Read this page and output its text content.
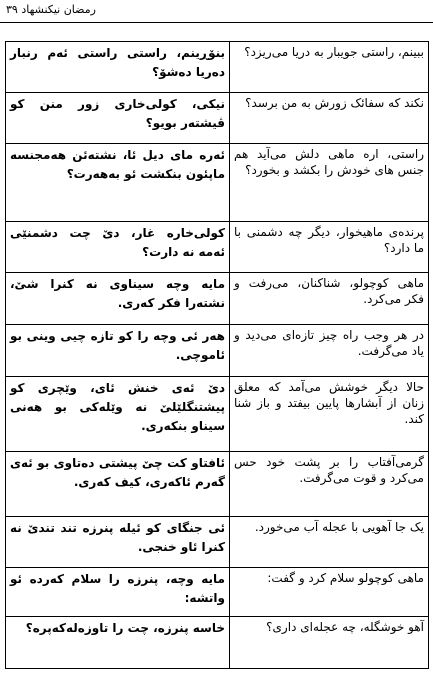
رمضان نیکنشهاد ٣٩
بنۆڕینم، راستی راستی ئەم رنبار دەریا دەشۆ؟	ببینم، راستی جویبار به دریا می‌ریزد؟
نیکی، کولی‌خاری زور منن کو ڤیشتەر بویو؟	نکند که سفائک زورش به من برسد؟
ئەرە مای دیل ئا، نشتەئن هەمجنسە ماپئون بنکشت ئو بەهەرت؟	راستی، اره ماهی دلش می‌آید هم جنس های خودش را بکشد و بخورد؟
کولی‌خارە غار، دێ چت دشمنێی ئەمە نە دارت؟	پرنده‌ی ماهیخوار، دیگر چه دشمنی با ما دارد؟
مایە وچە سیناوی نە کنرا شێ، نشتەرا فکر کەری.	ماهی کوچولو، شناکنان، می‌رفت و فکر می‌کرد.
هەر ئی وچە را کو تازە چیی وینی بو ئاموچی.	در هر وجب راه چیز تازه‌ای می‌دید و یاد می‌گرفت.
دێ ئەی خنش ئای، وێچری کو پیشتنگلێلێ نە وێلەکی بو هەنی سیناو بنکەری.	حالا دیگر خوشش می‌آمد که معلق زنان از آبشارها پایین بیفتد و باز شنا کند.
ئافتاو کت چێ پیشتی دەتاوی بو ئەی گەرم ئاکەری، کیف کەری.	گرمی‌آفتاب را بر پشت خود حس می‌کرد و قوت می‌گرفت.
ئی جنگای کو ئیلە پنرزە تند تندێ نە کنرا ئاو خنجی.	یک جا آهویی با عجله آب می‌خورد.
مایە وچە، پنرزە را سلام کەردە ئو واتشە:	ماهی کوچولو سلام کرد و گفت:
خاسە پنرزە، چت را تاوزەلەکەپرە؟	آهو خوشگله، چه عجله‌ای داری؟
